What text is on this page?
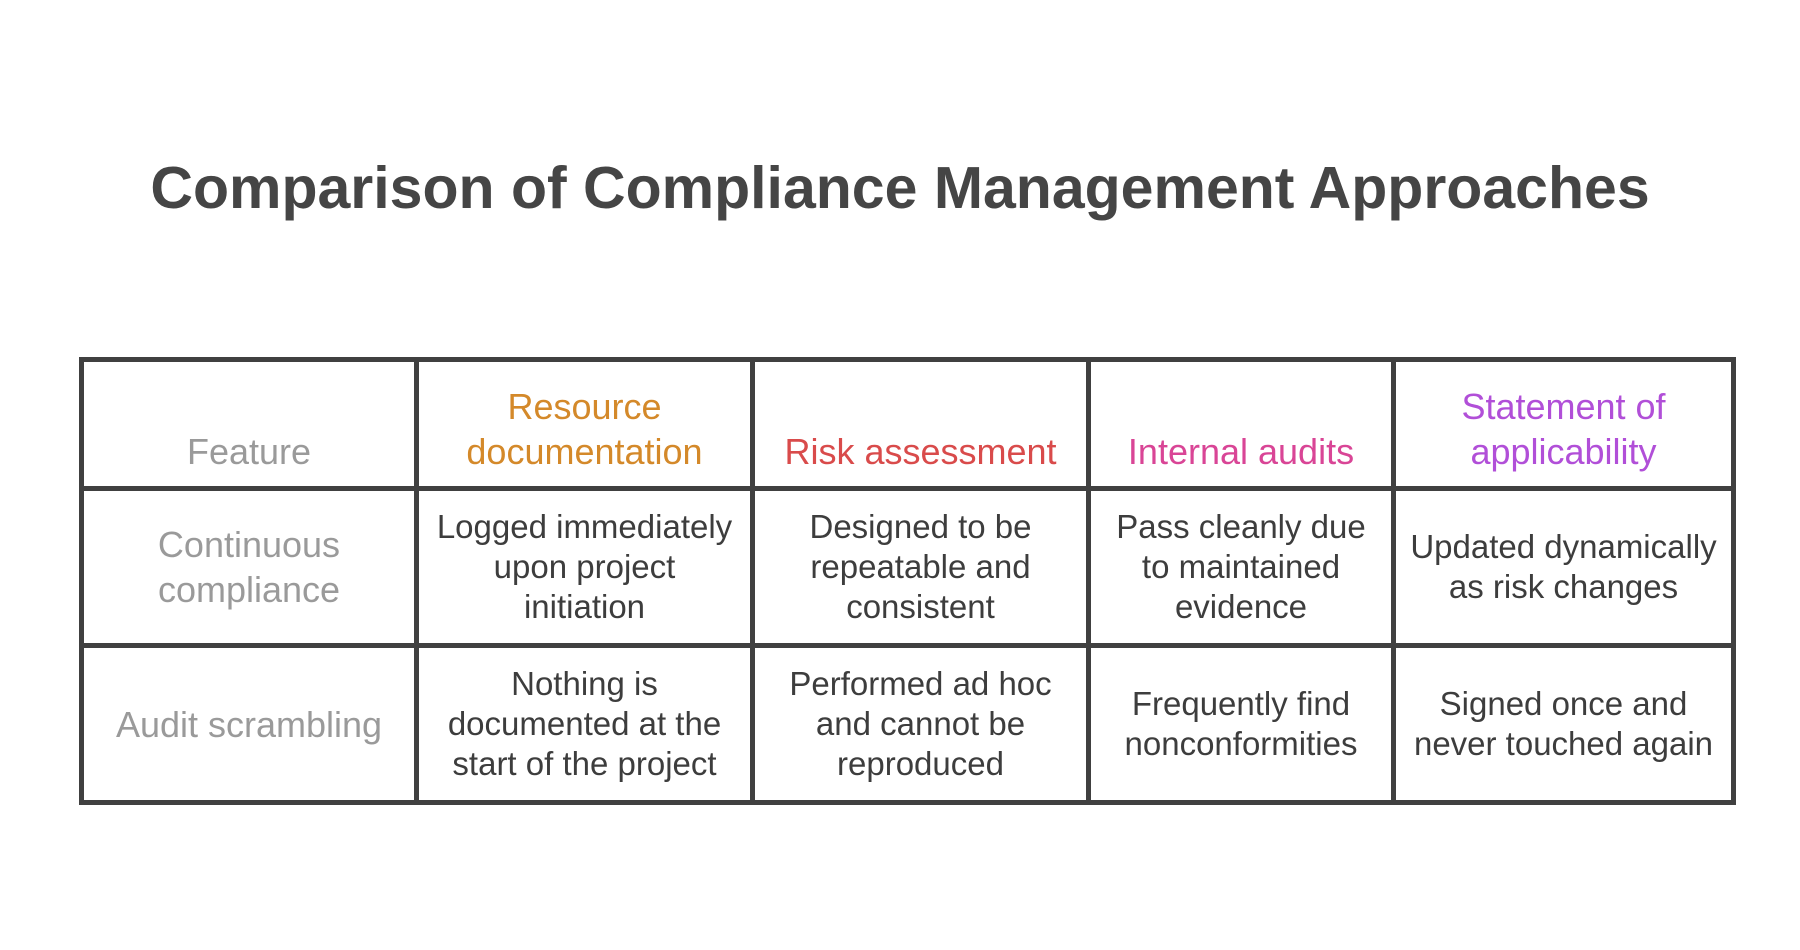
Comparison of Compliance Management Approaches
Feature	Resource documentation	Risk assessment	Internal audits	Statement of applicability
Continuous compliance	Logged immediately upon project initiation	Designed to be repeatable and consistent	Pass cleanly due to maintained evidence	Updated dynamically as risk changes
Audit scrambling	Nothing is documented at the start of the project	Performed ad hoc and cannot be reproduced	Frequently find nonconformities	Signed once and never touched again
